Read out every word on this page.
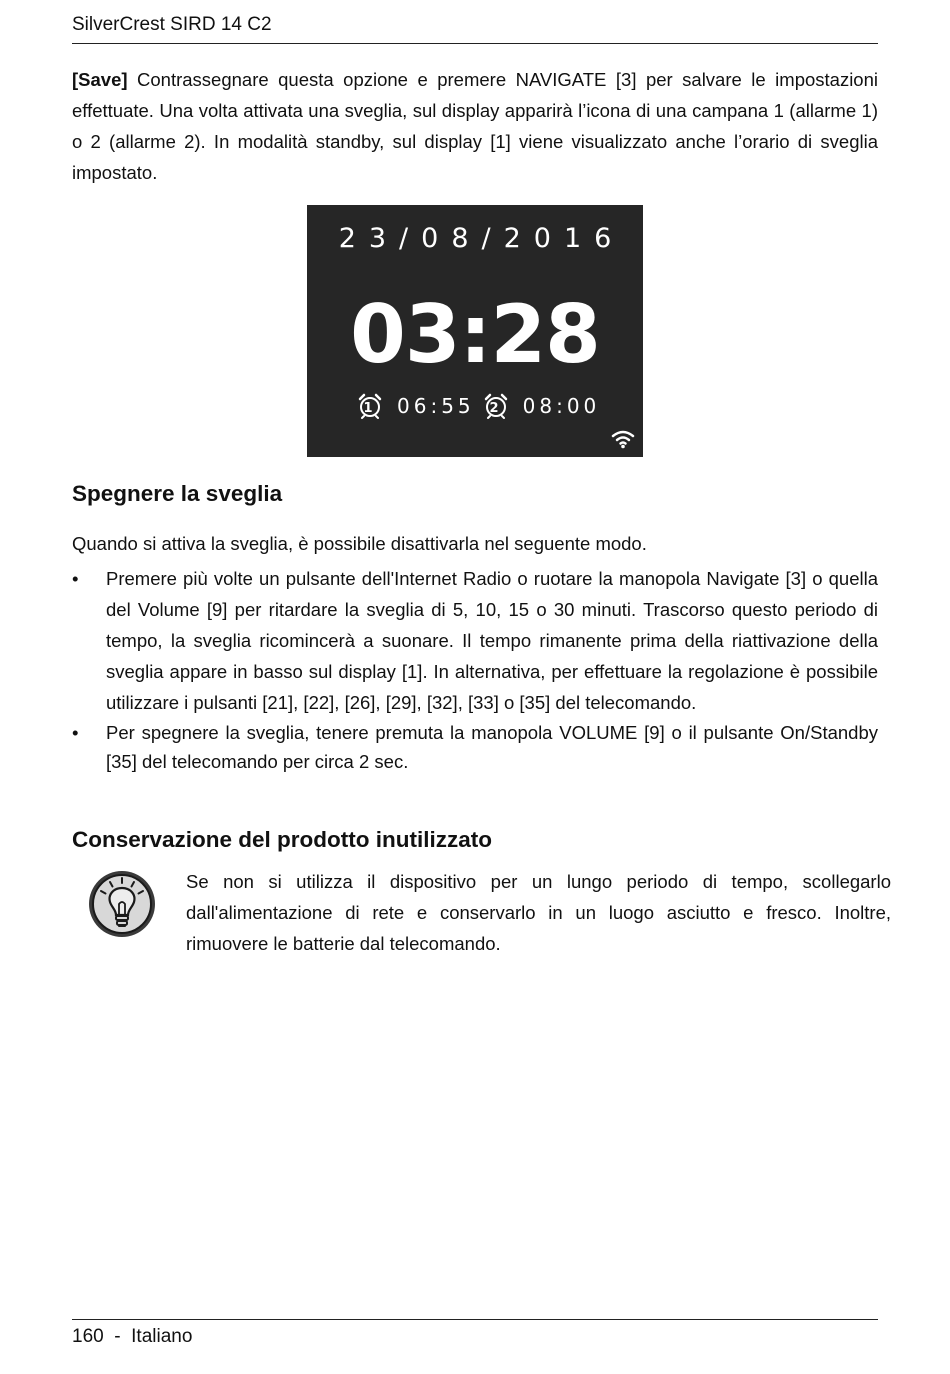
SilverCrest SIRD 14 C2

[Save] Contrassegnare questa opzione e premere NAVIGATE [3] per salvare le impostazioni effettuate. Una volta attivata una sveglia, sul display apparirà l’icona di una campana 1 (allarme 1) o 2 (allarme 2). In modalità standby, sul display [1] viene visualizzato anche l’orario di sveglia impostato.

23/08/2016
03:28
1 06:55 2 08:00
Spegnere la sveglia

Quando si attiva la sveglia, è possibile disattivarla nel seguente modo.

• Premere più volte un pulsante dell'Internet Radio o ruotare la manopola Navigate [3] o quella del Volume [9] per ritardare la sveglia di 5, 10, 15 o 30 minuti. Trascorso questo periodo di tempo, la sveglia ricomincerà a suonare. Il tempo rimanente prima della riattivazione della sveglia appare in basso sul display [1]. In alternativa, per effettuare la regolazione è possibile utilizzare i pulsanti [21], [22], [26], [29], [32], [33] o [35] del telecomando.
• Per spegnere la sveglia, tenere premuta la manopola VOLUME [9] o il pulsante On/Standby [35] del telecomando per circa 2 sec.
Conservazione del prodotto inutilizzato

Se non si utilizza il dispositivo per un lungo periodo di tempo, scollegarlo dall'alimentazione di rete e conservarlo in un luogo asciutto e fresco. Inoltre, rimuovere le batterie dal telecomando.

160 - Italiano
